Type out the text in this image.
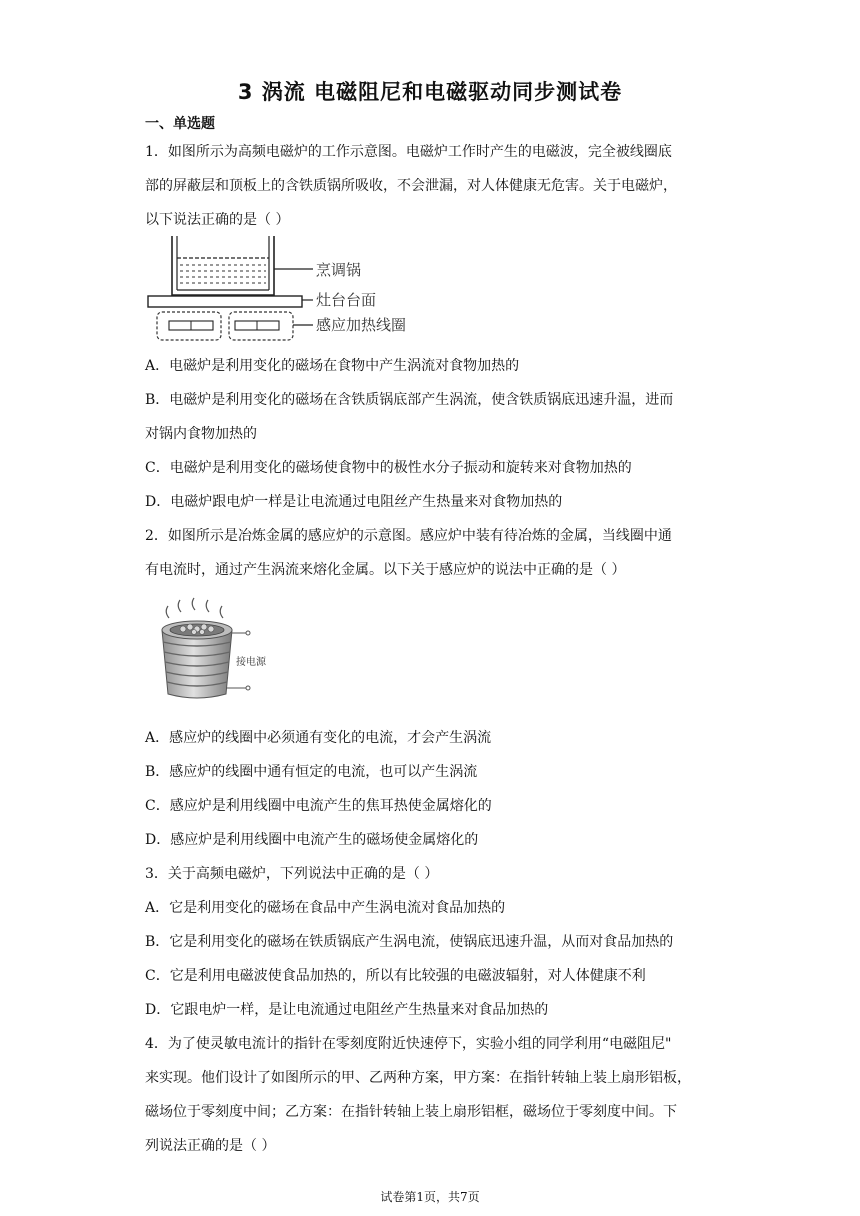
3 涡流 电磁阻尼和电磁驱动同步测试卷
一、单选题
1．如图所示为高频电磁炉的工作示意图。电磁炉工作时产生的电磁波，完全被线圈底
部的屏蔽层和顶板上的含铁质锅所吸收，不会泄漏，对人体健康无危害。关于电磁炉，
以下说法正确的是（ ）
烹调锅
灶台台面
感应加热线圈
A．电磁炉是利用变化的磁场在食物中产生涡流对食物加热的
B．电磁炉是利用变化的磁场在含铁质锅底部产生涡流，使含铁质锅底迅速升温，进而
对锅内食物加热的
C．电磁炉是利用变化的磁场使食物中的极性水分子振动和旋转来对食物加热的
D．电磁炉跟电炉一样是让电流通过电阻丝产生热量来对食物加热的
2．如图所示是冶炼金属的感应炉的示意图。感应炉中装有待冶炼的金属，当线圈中通
有电流时，通过产生涡流来熔化金属。以下关于感应炉的说法中正确的是（ ）
接电源
A．感应炉的线圈中必须通有变化的电流，才会产生涡流
B．感应炉的线圈中通有恒定的电流，也可以产生涡流
C．感应炉是利用线圈中电流产生的焦耳热使金属熔化的
D．感应炉是利用线圈中电流产生的磁场使金属熔化的
3．关于高频电磁炉，下列说法中正确的是（ ）
A．它是利用变化的磁场在食品中产生涡电流对食品加热的
B．它是利用变化的磁场在铁质锅底产生涡电流，使锅底迅速升温，从而对食品加热的
C．它是利用电磁波使食品加热的，所以有比较强的电磁波辐射，对人体健康不利
D．它跟电炉一样，是让电流通过电阻丝产生热量来对食品加热的
4．为了使灵敏电流计的指针在零刻度附近快速停下，实验小组的同学利用“电磁阻尼"
来实现。他们设计了如图所示的甲、乙两种方案，甲方案：在指针转轴上装上扇形铝板，
磁场位于零刻度中间；乙方案：在指针转轴上装上扇形铝框，磁场位于零刻度中间。下
列说法正确的是（ ）
试卷第1页，共7页
